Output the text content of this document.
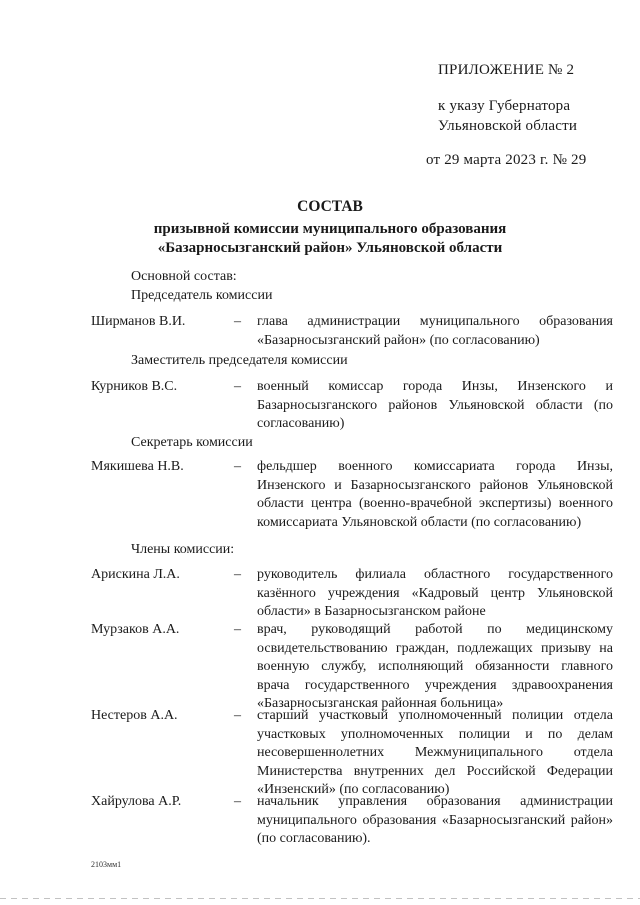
ПРИЛОЖЕНИЕ № 2
к указу Губернатора
Ульяновской области
от 29 марта 2023 г. № 29
СОСТАВ
призывной комиссии муниципального образования
«Базарносызганский район» Ульяновской области
Основной состав:
Председатель комиссии
Ширманов В.И.	– глава администрации муниципального образования «Базарносызганский район» (по согласованию)
Заместитель председателя комиссии
Курников В.С.	– военный комиссар города Инзы, Инзенского и Базарносызганского районов Ульяновской области (по согласованию)
Секретарь комиссии
Мякишева Н.В.	– фельдшер военного комиссариата города Инзы, Инзенского и Базарносызганского районов Ульяновской области центра (военно-врачебной экспертизы) военного комиссариата Ульяновской области (по согласованию)
Члены комиссии:
Арискина Л.А.	– руководитель филиала областного государственного казённого учреждения «Кадровый центр Ульяновской области» в Базарносызганском районе
Мурзаков А.А.	– врач, руководящий работой по медицинскому освидетельствованию граждан, подлежащих призыву на военную службу, исполняющий обязанности главного врача государственного учреждения здравоохранения «Базарносызганская районная больница»
Нестеров А.А.	– старший участковый уполномоченный полиции отдела участковых уполномоченных полиции и по делам несовершеннолетних Межмуниципального отдела Министерства внутренних дел Российской Федерации «Инзенский» (по согласованию)
Хайрулова А.Р.	– начальник управления образования администрации муниципального образования «Базарносызганский район» (по согласованию).
2103мм1
